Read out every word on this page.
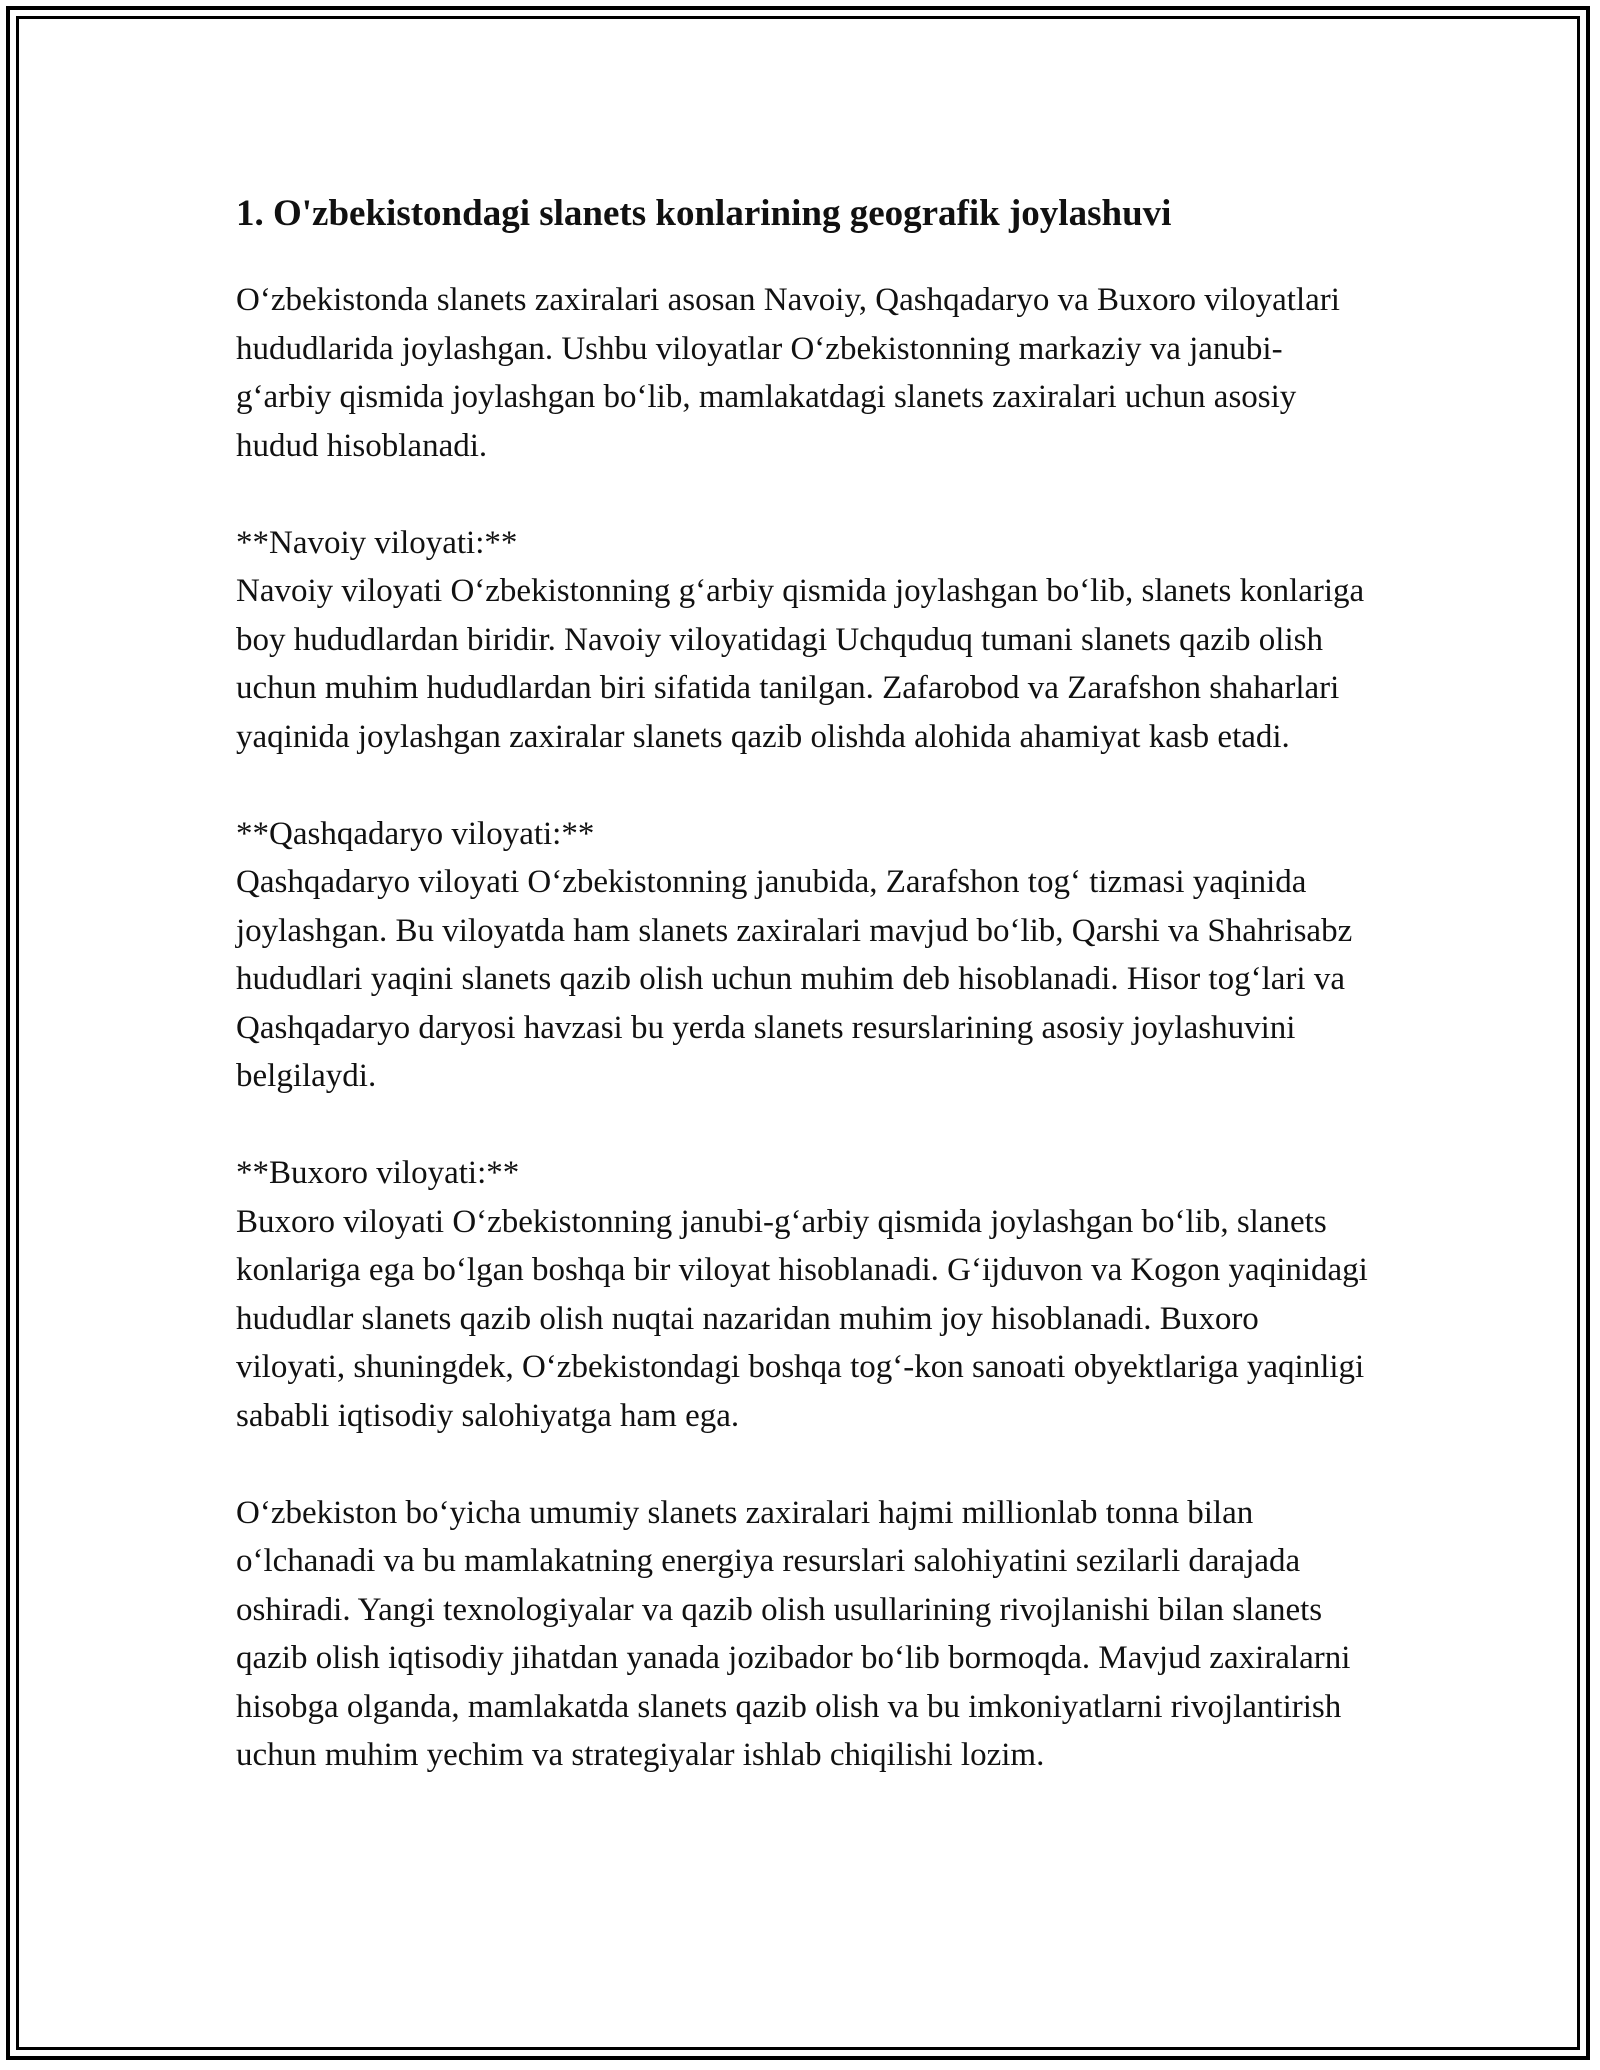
1. O'zbekistondagi slanets konlarining geografik joylashuvi

O‘zbekistonda slanets zaxiralari asosan Navoiy, Qashqadaryo va Buxoro viloyatlari hududlarida joylashgan. Ushbu viloyatlar O‘zbekistonning markaziy va janubi-g‘arbiy qismida joylashgan bo‘lib, mamlakatdagi slanets zaxiralari uchun asosiy hudud hisoblanadi.

**Navoiy viloyati:**

Navoiy viloyati O‘zbekistonning g‘arbiy qismida joylashgan bo‘lib, slanets konlariga boy hududlardan biridir. Navoiy viloyatidagi Uchquduq tumani slanets qazib olish uchun muhim hududlardan biri sifatida tanilgan. Zafarobod va Zarafshon shaharlari yaqinida joylashgan zaxiralar slanets qazib olishda alohida ahamiyat kasb etadi.

**Qashqadaryo viloyati:**

Qashqadaryo viloyati O‘zbekistonning janubida, Zarafshon tog‘ tizmasi yaqinida joylashgan. Bu viloyatda ham slanets zaxiralari mavjud bo‘lib, Qarshi va Shahrisabz hududlari yaqini slanets qazib olish uchun muhim deb hisoblanadi. Hisor tog‘lari va Qashqadaryo daryosi havzasi bu yerda slanets resurslarining asosiy joylashuvini belgilaydi.

**Buxoro viloyati:**

Buxoro viloyati O‘zbekistonning janubi-g‘arbiy qismida joylashgan bo‘lib, slanets konlariga ega bo‘lgan boshqa bir viloyat hisoblanadi. G‘ijduvon va Kogon yaqinidagi hududlar slanets qazib olish nuqtai nazaridan muhim joy hisoblanadi. Buxoro viloyati, shuningdek, O‘zbekistondagi boshqa tog‘-kon sanoati obyektlariga yaqinligi sababli iqtisodiy salohiyatga ham ega.

O‘zbekiston bo‘yicha umumiy slanets zaxiralari hajmi millionlab tonna bilan o‘lchanadi va bu mamlakatning energiya resurslari salohiyatini sezilarli darajada oshiradi. Yangi texnologiyalar va qazib olish usullarining rivojlanishi bilan slanets qazib olish iqtisodiy jihatdan yanada jozibador bo‘lib bormoqda. Mavjud zaxiralarni hisobga olganda, mamlakatda slanets qazib olish va bu imkoniyatlarni rivojlantirish uchun muhim yechim va strategiyalar ishlab chiqilishi lozim.
